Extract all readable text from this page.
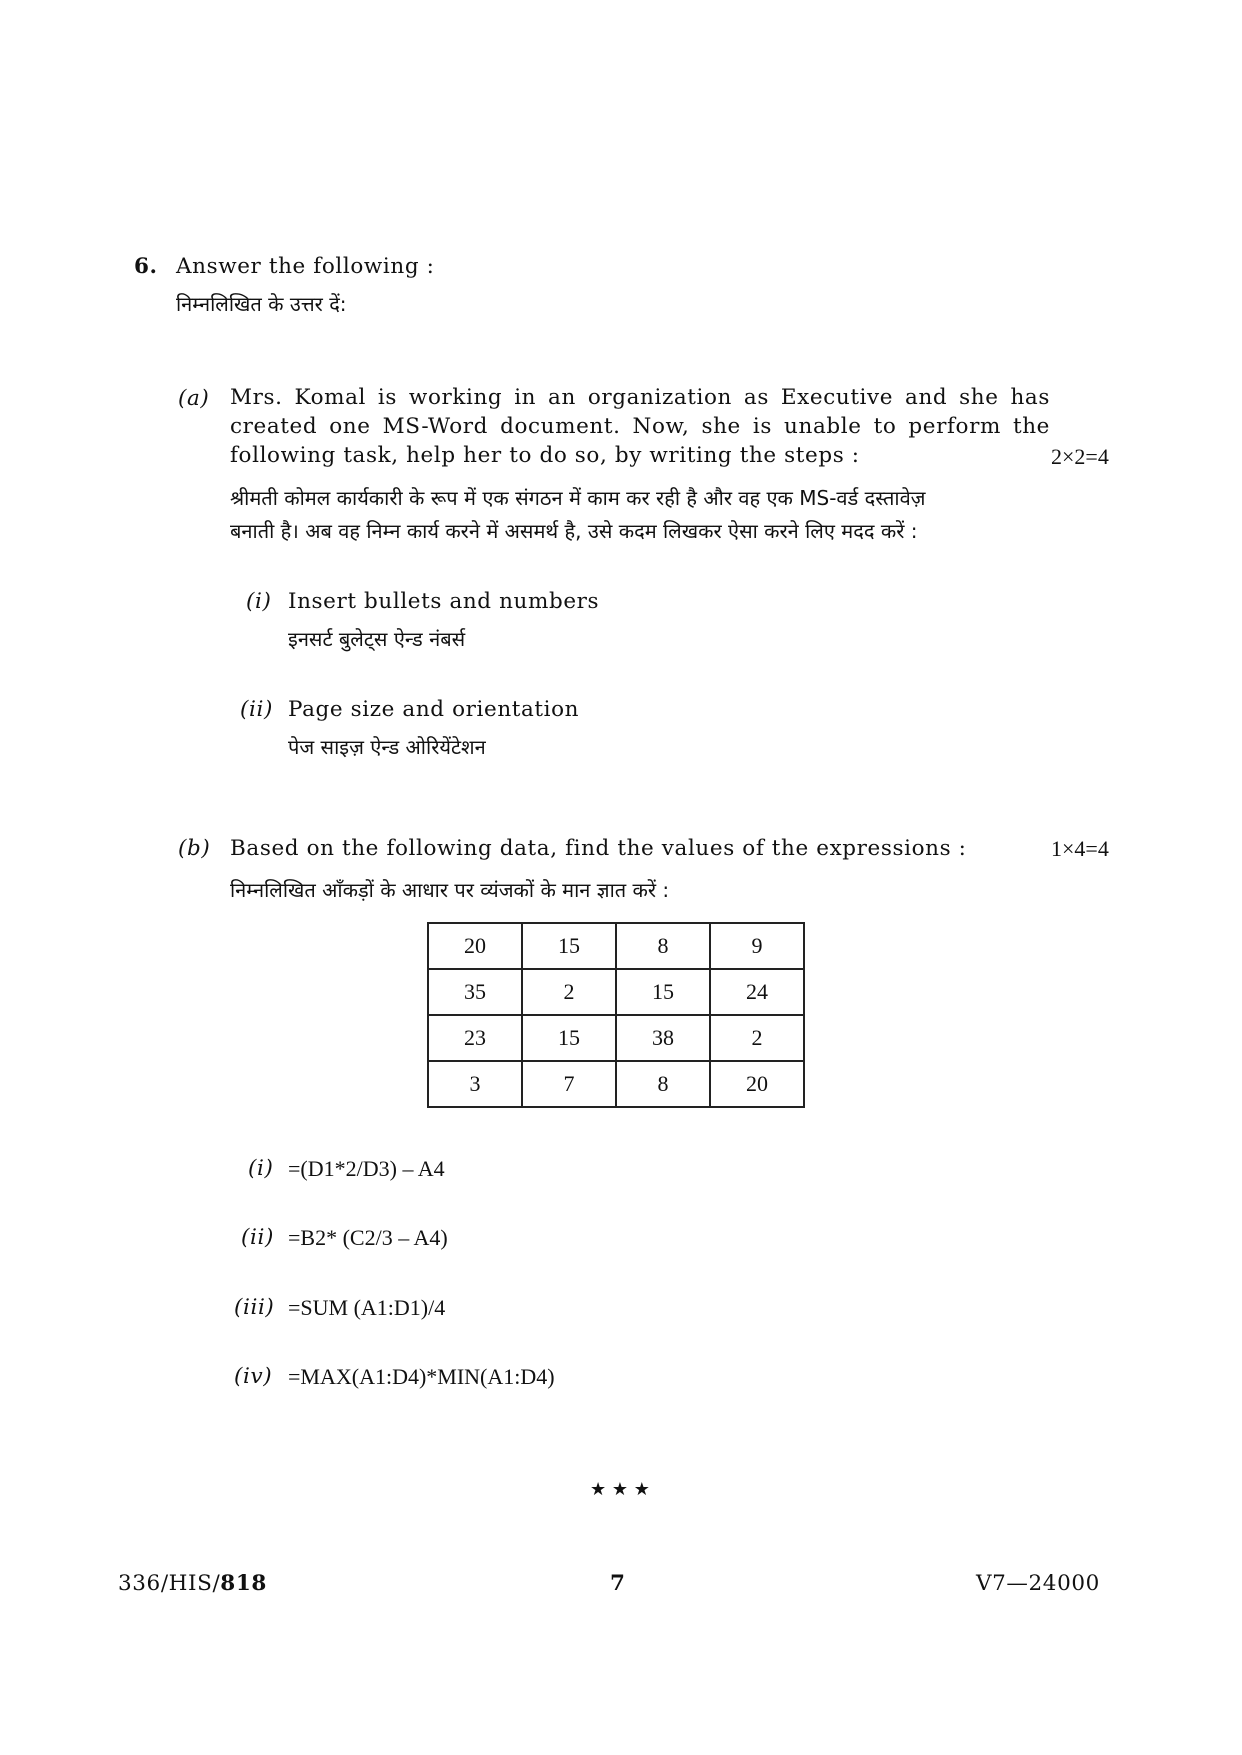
6. Answer the following :
निम्नलिखित के उत्तर दें:
(a) Mrs. Komal is working in an organization as Executive and she has
created one MS-Word document. Now, she is unable to perform the
following task, help her to do so, by writing the steps :	2×2=4
श्रीमती कोमल कार्यकारी के रूप में एक संगठन में काम कर रही है और वह एक MS-वर्ड दस्तावेज़
बनाती है। अब वह निम्न कार्य करने में असमर्थ है, उसे कदम लिखकर ऐसा करने लिए मदद करें :
(i) Insert bullets and numbers
इनसर्ट बुलेट्स ऐन्ड नंबर्स
(ii) Page size and orientation
पेज साइज़ ऐन्ड ओरियेंटेशन
(b) Based on the following data, find the values of the expressions :	1×4=4
निम्नलिखित आँकड़ों के आधार पर व्यंजकों के मान ज्ञात करें :
20	15	8	9
35	2	15	24
23	15	38	2
3	7	8	20
(i) =(D1*2/D3) – A4
(ii) =B2* (C2/3 – A4)
(iii) =SUM (A1:D1)/4
(iv) =MAX(A1:D4)*MIN(A1:D4)
★ ★ ★
336/HIS/818	7	V7—24000
